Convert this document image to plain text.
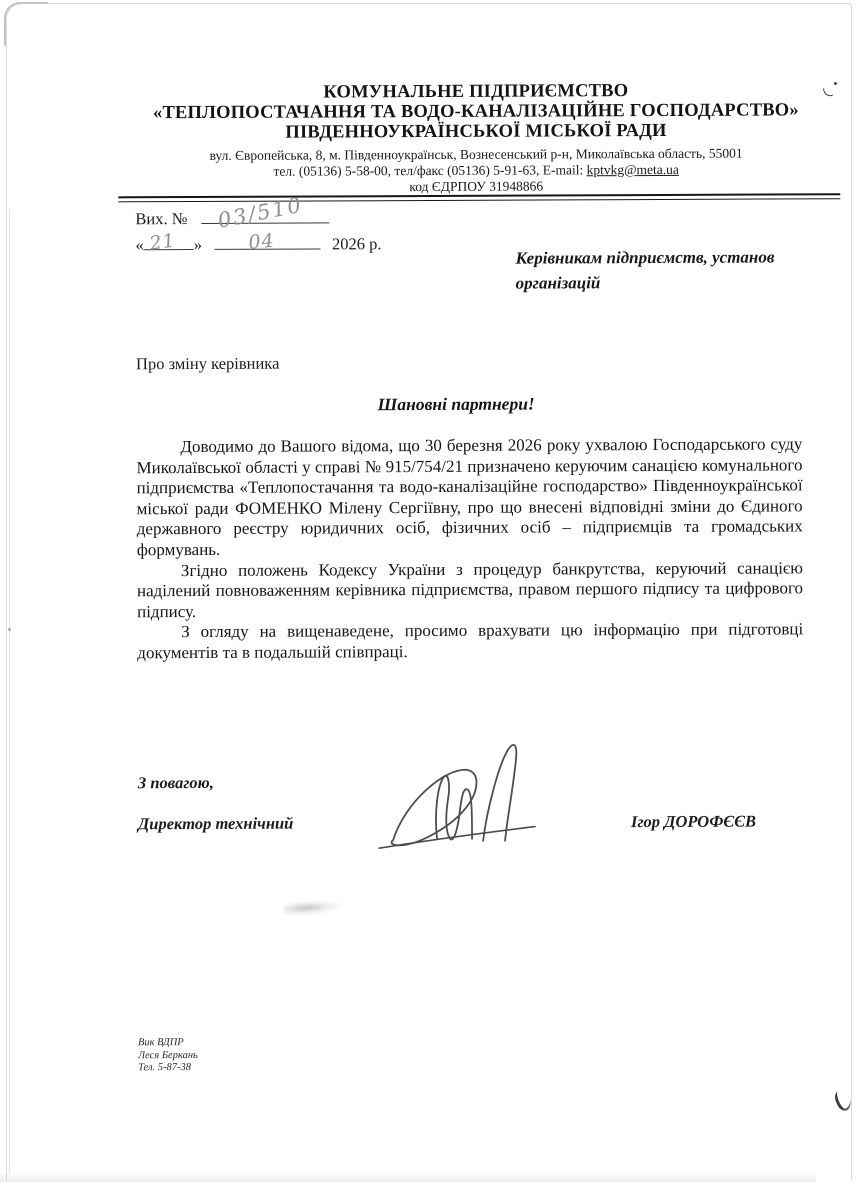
КОМУНАЛЬНЕ ПІДПРИЄМСТВО
«ТЕПЛОПОСТАЧАННЯ ТА ВОДО-КАНАЛІЗАЦІЙНЕ ГОСПОДАРСТВО»
ПІВДЕННОУКРАЇНСЬКОЇ МІСЬКОЇ РАДИ
вул. Європейська, 8, м. Південноукраїнськ, Вознесенський р-н, Миколаївська область, 55001
тел. (05136) 5-58-00, тел/факс (05136) 5-91-63, E-mail: kptvkg@meta.ua
код ЄДРПОУ 31948866
Вих. № 03/510
« 21 » 04	2026 р.
Керівникам підприємств, установ
організацій
Про зміну керівника
Шановні партнери!

Доводимо до Вашого відома, що 30 березня 2026 року ухвалою Господарського суду Миколаївської області у справі № 915/754/21 призначено керуючим санацією комунального підприємства «Теплопостачання та водо-каналізаційне господарство» Південноукраїнської міської ради ФОМЕНКО Мілену Сергіївну, про що внесені відповідні зміни до Єдиного державного реєстру юридичних осіб, фізичних осіб – підприємців та громадських формувань.

Згідно положень Кодексу України з процедур банкрутства, керуючий санацією наділений повноваженням керівника підприємства, правом першого підпису та цифрового підпису.

З огляду на вищенаведене, просимо врахувати цю інформацію при підготовці документів та в подальшій співпраці.

З повагою,
Директор технічний	Ігор ДОРОФЄЄВ
Вик ВДПР
Леся Беркань
Тел. 5-87-38
